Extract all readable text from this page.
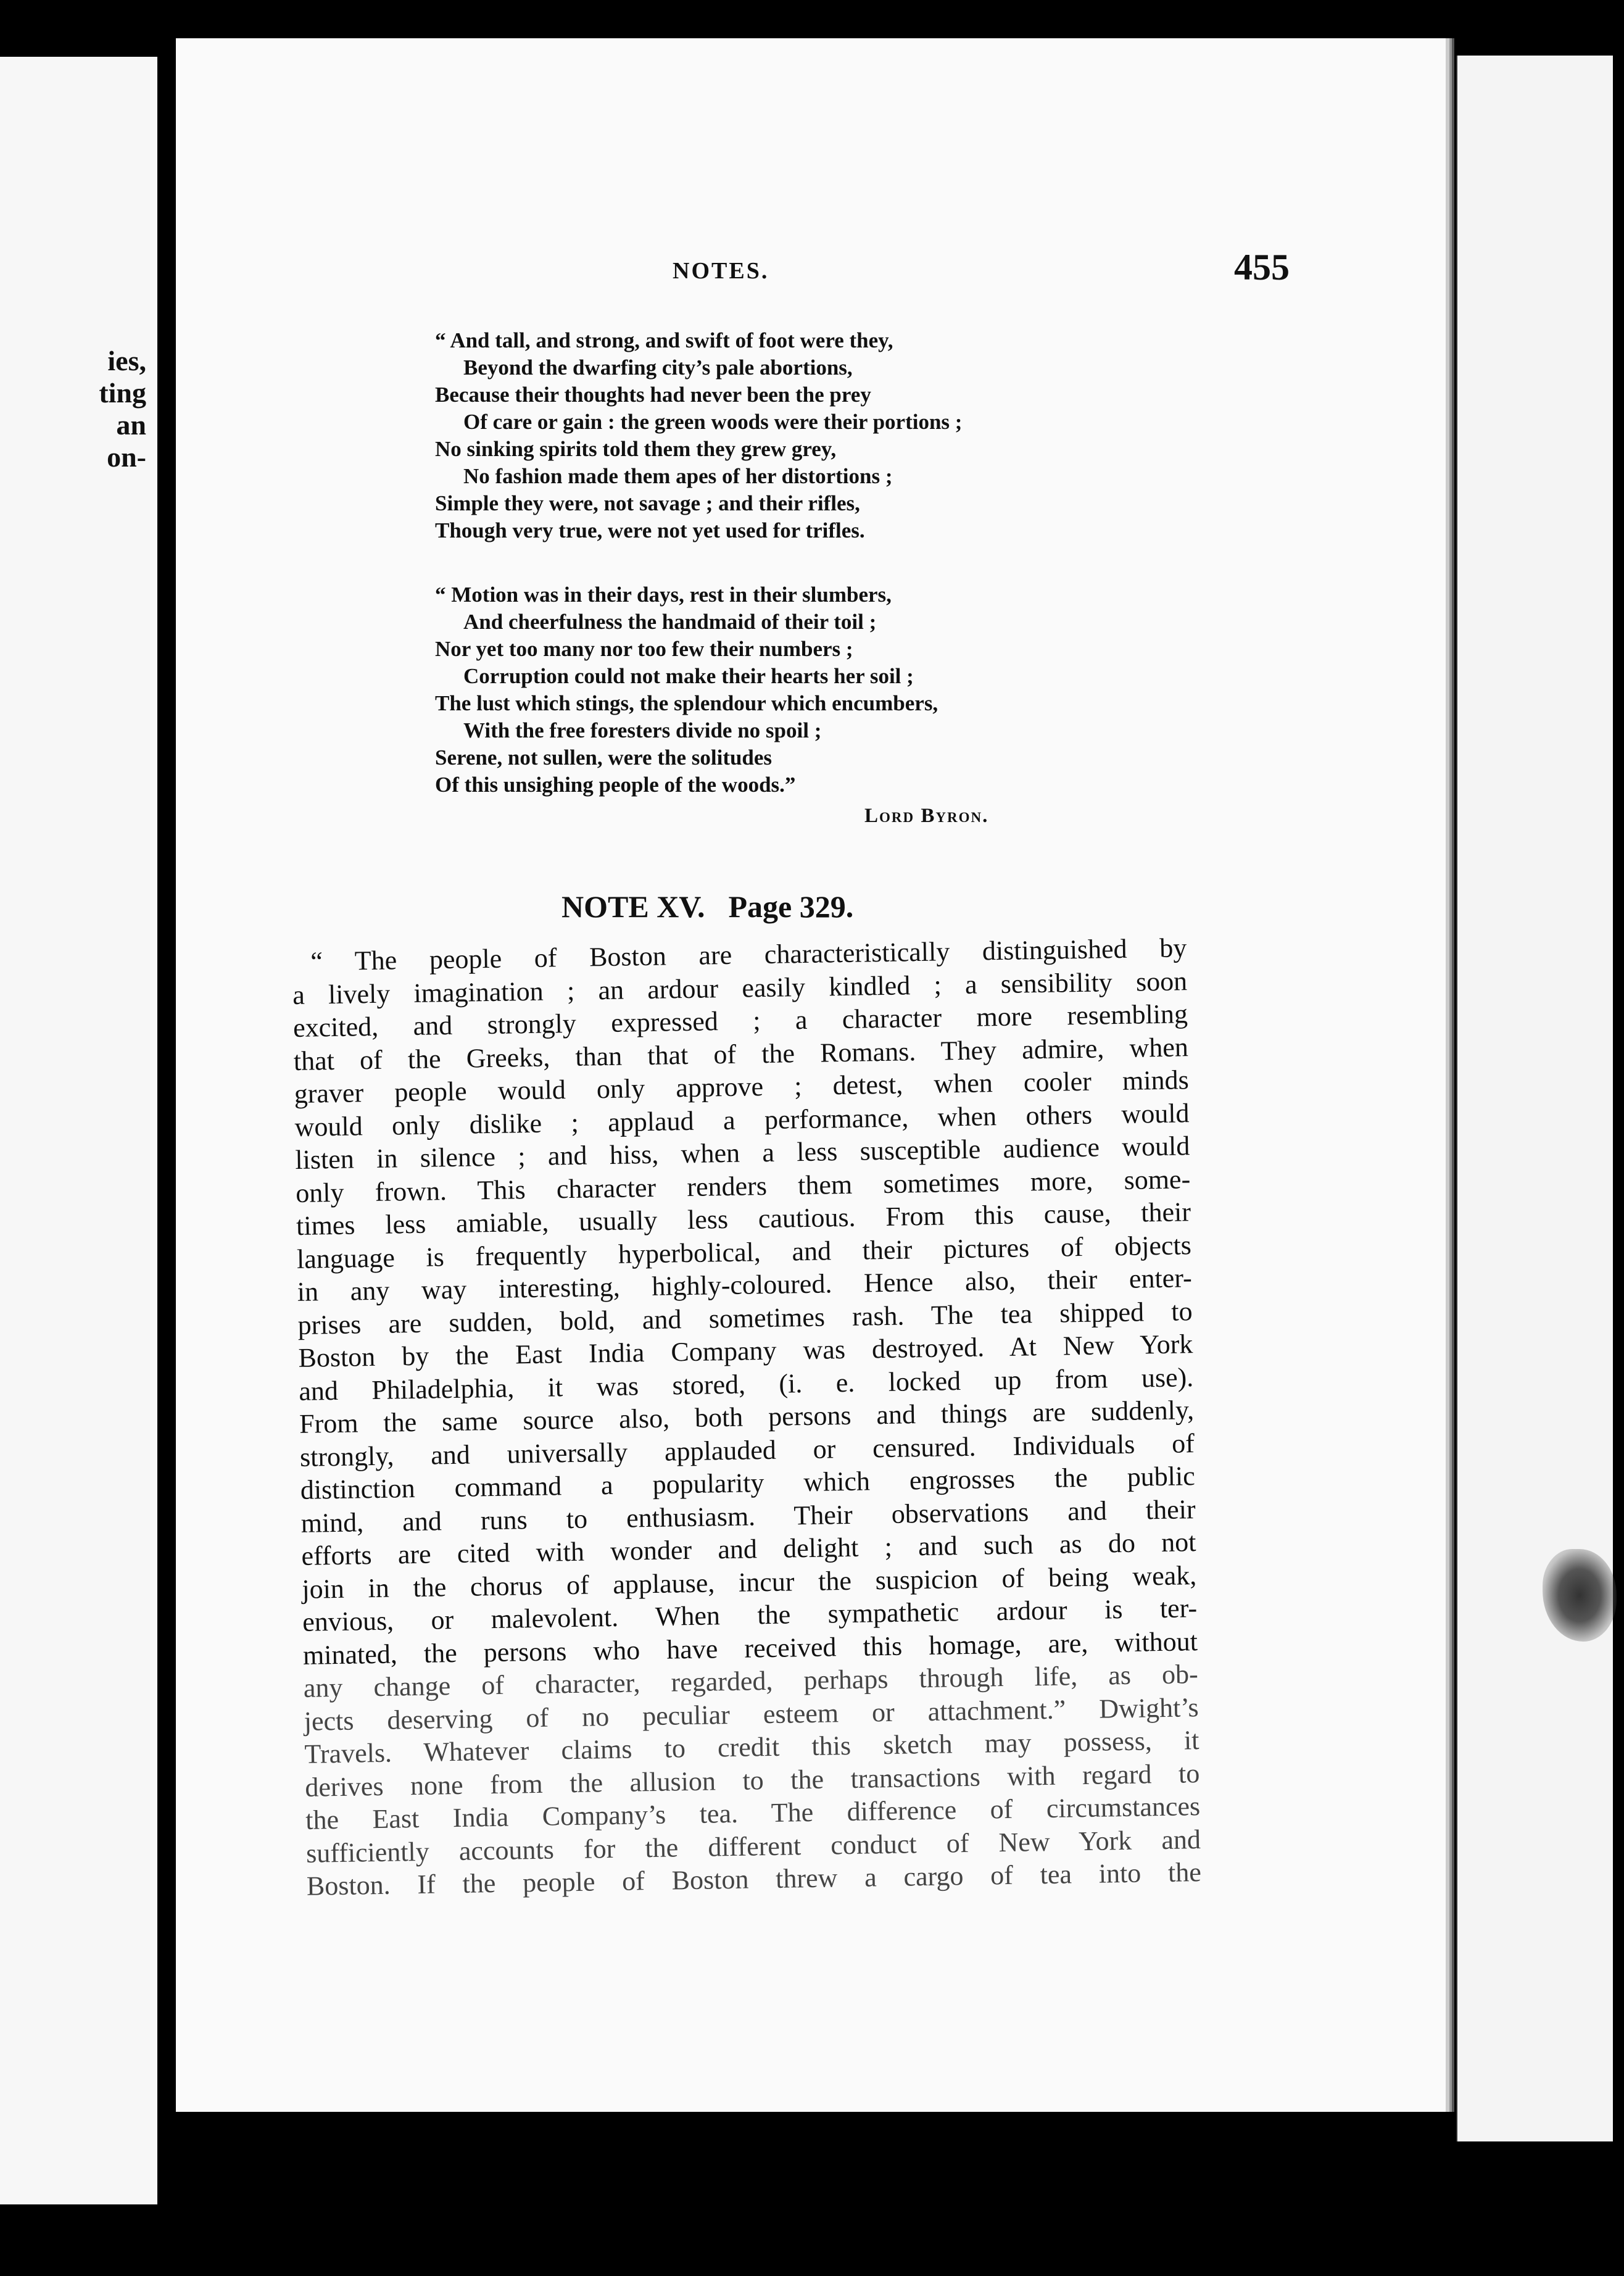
ies,
ting
an
on-
NOTES.	455
“ And tall, and strong, and swift of foot were they,
Beyond the dwarfing city’s pale abortions,
Because their thoughts had never been the prey
Of care or gain : the green woods were their portions ;
No sinking spirits told them they grew grey,
No fashion made them apes of her distortions ;
Simple they were, not savage ; and their rifles,
Though very true, were not yet used for trifles.
“ Motion was in their days, rest in their slumbers,
And cheerfulness the handmaid of their toil ;
Nor yet too many nor too few their numbers ;
Corruption could not make their hearts her soil ;
The lust which stings, the splendour which encumbers,
With the free foresters divide no spoil ;
Serene, not sullen, were the solitudes
Of this unsighing people of the woods.”
Lord Byron.
NOTE XV. Page 329.
“ The people of Boston are characteristically distinguished by
a lively imagination ; an ardour easily kindled ; a sensibility soon
excited, and strongly expressed ; a character more resembling
that of the Greeks, than that of the Romans. They admire, when
graver people would only approve ; detest, when cooler minds
would only dislike ; applaud a performance, when others would
listen in silence ; and hiss, when a less susceptible audience would
only frown. This character renders them sometimes more, some-
times less amiable, usually less cautious. From this cause, their
language is frequently hyperbolical, and their pictures of objects
in any way interesting, highly-coloured. Hence also, their enter-
prises are sudden, bold, and sometimes rash. The tea shipped to
Boston by the East India Company was destroyed. At New York
and Philadelphia, it was stored, (i. e. locked up from use).
From the same source also, both persons and things are suddenly,
strongly, and universally applauded or censured. Individuals of
distinction command a popularity which engrosses the public
mind, and runs to enthusiasm. Their observations and their
efforts are cited with wonder and delight ; and such as do not
join in the chorus of applause, incur the suspicion of being weak,
envious, or malevolent. When the sympathetic ardour is ter-
minated, the persons who have received this homage, are, without
any change of character, regarded, perhaps through life, as ob-
jects deserving of no peculiar esteem or attachment.” Dwight’s
Travels. Whatever claims to credit this sketch may possess, it
derives none from the allusion to the transactions with regard to
the East India Company’s tea. The difference of circumstances
sufficiently accounts for the different conduct of New York and
Boston. If the people of Boston threw a cargo of tea into the
